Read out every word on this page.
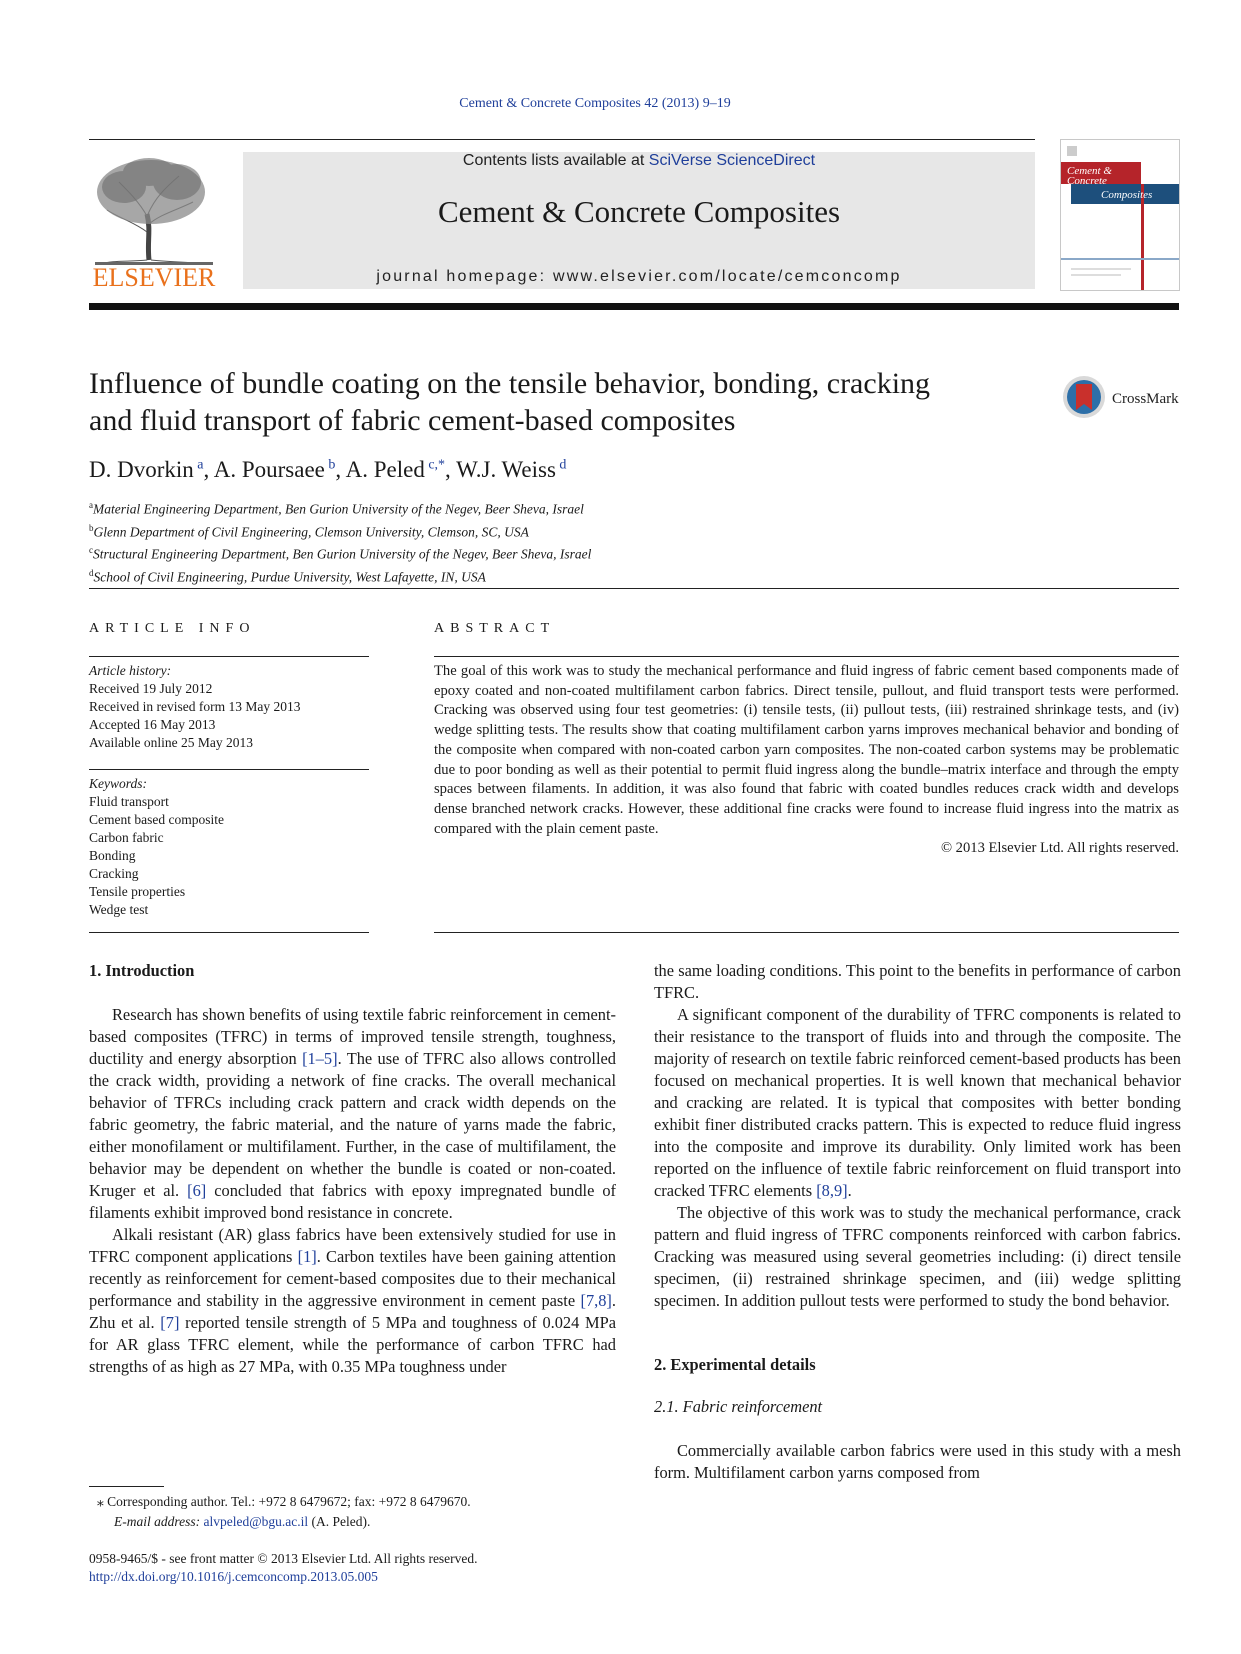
Cement & Concrete Composites 42 (2013) 9–19
ELSEVIER
Contents lists available at SciVerse ScienceDirect
Cement & Concrete Composites
journal homepage: www.elsevier.com/locate/cemconcomp
Cement &
Concrete
Composites
Influence of bundle coating on the tensile behavior, bonding, cracking
and fluid transport of fabric cement-based composites
CrossMark
D. Dvorkin $^a$, A. Poursaee $^b$, A. Peled $^{c,*}$, W.J. Weiss $^d$
$^a$Material Engineering Department, Ben Gurion University of the Negev, Beer Sheva, Israel
$^b$Glenn Department of Civil Engineering, Clemson University, Clemson, SC, USA
$^c$Structural Engineering Department, Ben Gurion University of the Negev, Beer Sheva, Israel
$^d$School of Civil Engineering, Purdue University, West Lafayette, IN, USA
ARTICLE INFO
Article history:
Received 19 July 2012
Received in revised form 13 May 2013
Accepted 16 May 2013
Available online 25 May 2013
Keywords:
Fluid transport
Cement based composite
Carbon fabric
Bonding
Cracking
Tensile properties
Wedge test
ABSTRACT
The goal of this work was to study the mechanical performance and fluid ingress of fabric cement based components made of epoxy coated and non-coated multifilament carbon fabrics. Direct tensile, pullout, and fluid transport tests were performed. Cracking was observed using four test geometries: (i) tensile tests, (ii) pullout tests, (iii) restrained shrinkage tests, and (iv) wedge splitting tests. The results show that coating multifilament carbon yarns improves mechanical behavior and bonding of the composite when compared with non-coated carbon yarn composites. The non-coated carbon systems may be problematic due to poor bonding as well as their potential to permit fluid ingress along the bundle–matrix interface and through the empty spaces between filaments. In addition, it was also found that fabric with coated bundles reduces crack width and develops dense branched network cracks. However, these additional fine cracks were found to increase fluid ingress into the matrix as compared with the plain cement paste.
© 2013 Elsevier Ltd. All rights reserved.
1. Introduction

Research has shown benefits of using textile fabric reinforcement in cement-based composites (TFRC) in terms of improved tensile strength, toughness, ductility and energy absorption [1–5]. The use of TFRC also allows controlled the crack width, providing a network of fine cracks. The overall mechanical behavior of TFRCs including crack pattern and crack width depends on the fabric geometry, the fabric material, and the nature of yarns made the fabric, either monofilament or multifilament. Further, in the case of multifilament, the behavior may be dependent on whether the bundle is coated or non-coated. Kruger et al. [6] concluded that fabrics with epoxy impregnated bundle of filaments exhibit improved bond resistance in concrete.

Alkali resistant (AR) glass fabrics have been extensively studied for use in TFRC component applications [1]. Carbon textiles have been gaining attention recently as reinforcement for cement-based composites due to their mechanical performance and stability in the aggressive environment in cement paste [7,8]. Zhu et al. [7] reported tensile strength of 5 MPa and toughness of 0.024 MPa for AR glass TFRC element, while the performance of carbon TFRC had strengths of as high as 27 MPa, with 0.35 MPa toughness under

the same loading conditions. This point to the benefits in performance of carbon TFRC.

A significant component of the durability of TFRC components is related to their resistance to the transport of fluids into and through the composite. The majority of research on textile fabric reinforced cement-based products has been focused on mechanical properties. It is well known that mechanical behavior and cracking are related. It is typical that composites with better bonding exhibit finer distributed cracks pattern. This is expected to reduce fluid ingress into the composite and improve its durability. Only limited work has been reported on the influence of textile fabric reinforcement on fluid transport into cracked TFRC elements [8,9].

The objective of this work was to study the mechanical performance, crack pattern and fluid ingress of TFRC components reinforced with carbon fabrics. Cracking was measured using several geometries including: (i) direct tensile specimen, (ii) restrained shrinkage specimen, and (iii) wedge splitting specimen. In addition pullout tests were performed to study the bond behavior.

2. Experimental details
2.1. Fabric reinforcement

Commercially available carbon fabrics were used in this study with a mesh form. Multifilament carbon yarns composed from

⁎ Corresponding author. Tel.: +972 8 6479672; fax: +972 8 6479670.
E-mail address: alvpeled@bgu.ac.il (A. Peled).
0958-9465/$ - see front matter © 2013 Elsevier Ltd. All rights reserved.
http://dx.doi.org/10.1016/j.cemconcomp.2013.05.005
